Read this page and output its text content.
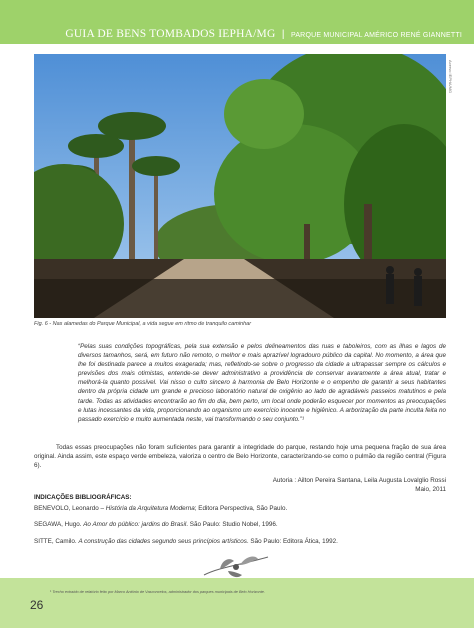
GUIA DE BENS TOMBADOS IEPHA/MG | PARQUE MUNICIPAL AMÉRICO RENÉ GIANNETTI
Acervo IEPHA/MG
Fig. 6 - Nas alamedas do Parque Municipal, a vida segue em ritmo de tranquilo caminhar
“Pelas suas condições topográficas, pela sua extensão e pelos delineamentos das ruas e taboleiros, com as ilhas e lagos de diversos tamanhos, será, em futuro não remoto, o melhor e mais aprazível logradouro público da capital. No momento, a área que lhe foi destinada parece a muitos exagerada; mas, refletindo-se sobre o progresso da cidade a ultrapassar sempre os cálculos e previsões dos mais otimistas, entende-se dever administrativo a providência de conservar avaramente a área atual, tratar e melhorá-la quanto possível. Vai nisso o culto sincero à harmonia de Belo Horizonte e o empenho de garantir a seus habitantes dentro da própria cidade um grande e precioso laboratório natural de oxigênio ao lado de agradáveis passeios matutinos e pela tarde. Todas as atividades encontrarão ao fim do dia, bem perto, um local onde poderão esquecer por momentos as preocupações e lutas incessantes da vida, proporcionando ao organismo um exercício inocente e higiênico. A arborização da parte inculta feita no passado exercício e muito aumentada neste, vai transformando o seu conjunto.”¹
Todas essas preocupações não foram suficientes para garantir a integridade do parque, restando hoje uma pequena fração de sua área original. Ainda assim, este espaço verde embeleza, valoriza o centro de Belo Horizonte, caracterizando-se como o pulmão da região central (Figura 6).
Autoria : Ailton Pereira Santana, Leila Augusta Lovalglio Rossi
Maio, 2011
INDICAÇÕES BIBLIOGRÁFICAS:
BENEVOLO, Leonardo – História da Arquitetura Moderna; Editora Perspectiva, São Paulo.
SEGAWA, Hugo. Ao Amor do público: jardins do Brasil. São Paulo: Studio Nobel, 1996.
SITTE, Camilo. A construção das cidades segundo seus princípios artísticos. São Paulo: Editora Ática, 1992.
¹ Trecho extraído de relatório feito por Marco Antônio de Vasconcelos, administrador dos parques municipais de Belo Horizonte.
26
